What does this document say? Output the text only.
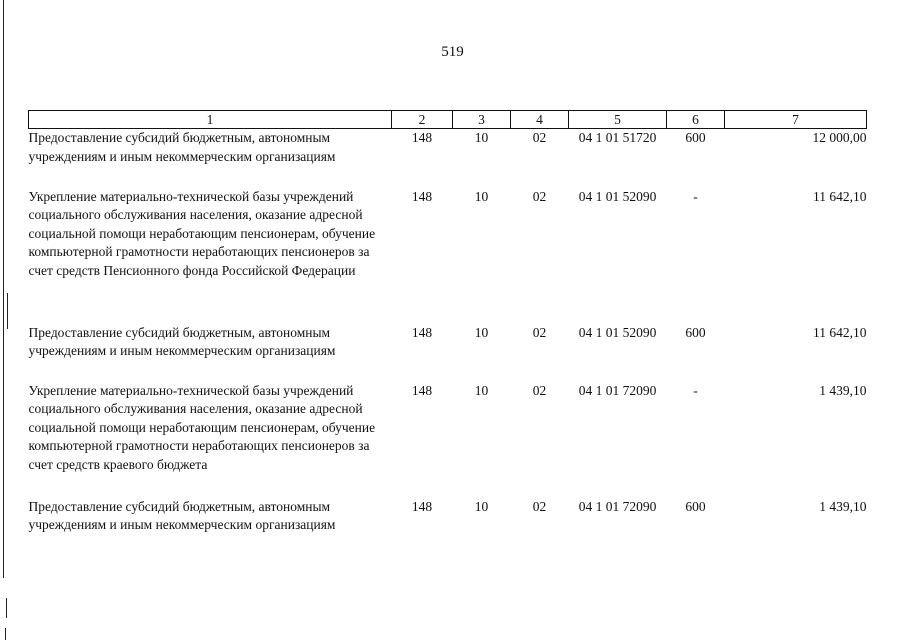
519
1	2	3	4	5	6	7
Предоставление субсидий бюджетным, автономным учреждениям и иным некоммерческим организациям	148	10	02	04 1 01 51720	600	12 000,00
Укрепление материально-технической базы учреждений социального обслуживания населения, оказание адресной социальной помощи неработающим пенсионерам, обучение компьютерной грамотности неработающих пенсионеров за счет средств Пенсионного фонда Российской Федерации	148	10	02	04 1 01 52090	-	11 642,10
Предоставление субсидий бюджетным, автономным учреждениям и иным некоммерческим организациям	148	10	02	04 1 01 52090	600	11 642,10
Укрепление материально-технической базы учреждений социального обслуживания населения, оказание адресной социальной помощи неработающим пенсионерам, обучение компьютерной грамотности неработающих пенсионеров за счет средств краевого бюджета	148	10	02	04 1 01 72090	-	1 439,10
Предоставление субсидий бюджетным, автономным учреждениям и иным некоммерческим организациям	148	10	02	04 1 01 72090	600	1 439,10
